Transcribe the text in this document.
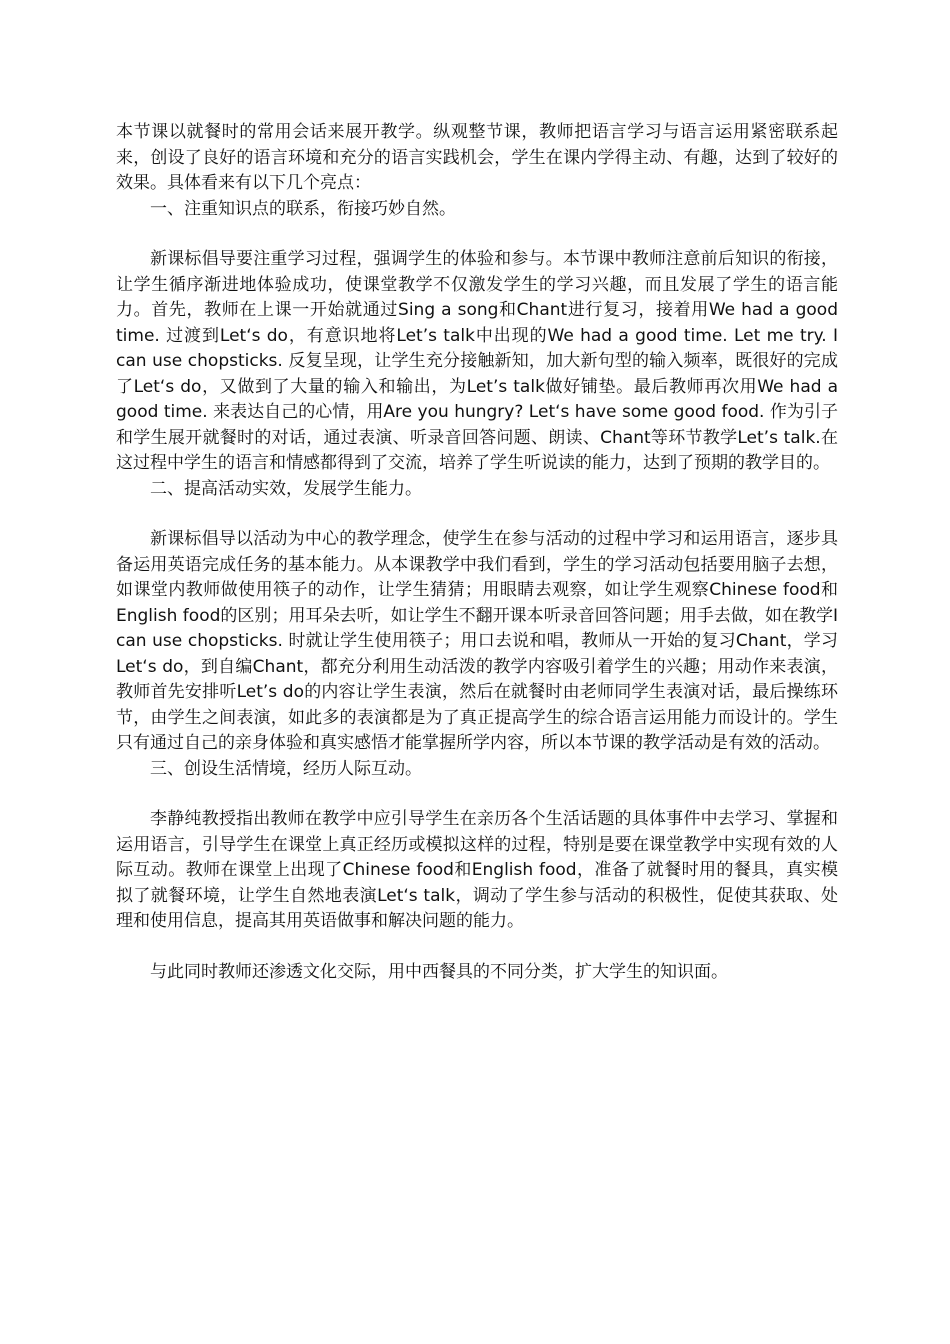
本节课以就餐时的常用会话来展开教学。纵观整节课，教师把语言学习与语言运用紧密联系起来，创设了良好的语言环境和充分的语言实践机会，学生在课内学得主动、有趣，达到了较好的效果。具体看来有以下几个亮点：

一、注重知识点的联系，衔接巧妙自然。

新课标倡导要注重学习过程，强调学生的体验和参与。本节课中教师注意前后知识的衔接，让学生循序渐进地体验成功，使课堂教学不仅激发学生的学习兴趣，而且发展了学生的语言能力。首先，教师在上课一开始就通过Sing a song和Chant进行复习，接着用We had a good time. 过渡到Let‘s do，有意识地将Let’s talk中出现的We had a good time. Let me try. I can use chopsticks. 反复呈现，让学生充分接触新知，加大新句型的输入频率，既很好的完成了Let‘s do，又做到了大量的输入和输出，为Let’s talk做好铺垫。最后教师再次用We had a good time. 来表达自己的心情，用Are you hungry? Let‘s have some good food. 作为引子和学生展开就餐时的对话，通过表演、听录音回答问题、朗读、Chant等环节教学Let’s talk.在这过程中学生的语言和情感都得到了交流，培养了学生听说读的能力，达到了预期的教学目的。

二、提高活动实效，发展学生能力。

新课标倡导以活动为中心的教学理念，使学生在参与活动的过程中学习和运用语言，逐步具备运用英语完成任务的基本能力。从本课教学中我们看到，学生的学习活动包括要用脑子去想，如课堂内教师做使用筷子的动作，让学生猜猜；用眼睛去观察，如让学生观察Chinese food和English food的区别；用耳朵去听，如让学生不翻开课本听录音回答问题；用手去做，如在教学I can use chopsticks. 时就让学生使用筷子；用口去说和唱，教师从一开始的复习Chant，学习Let‘s do，到自编Chant，都充分利用生动活泼的教学内容吸引着学生的兴趣；用动作来表演，教师首先安排听Let’s do的内容让学生表演，然后在就餐时由老师同学生表演对话，最后操练环节，由学生之间表演，如此多的表演都是为了真正提高学生的综合语言运用能力而设计的。学生只有通过自己的亲身体验和真实感悟才能掌握所学内容，所以本节课的教学活动是有效的活动。

三、创设生活情境，经历人际互动。

李静纯教授指出教师在教学中应引导学生在亲历各个生活话题的具体事件中去学习、掌握和运用语言，引导学生在课堂上真正经历或模拟这样的过程，特别是要在课堂教学中实现有效的人际互动。教师在课堂上出现了Chinese food和English food，准备了就餐时用的餐具，真实模拟了就餐环境，让学生自然地表演Let‘s talk，调动了学生参与活动的积极性，促使其获取、处理和使用信息，提高其用英语做事和解决问题的能力。

与此同时教师还渗透文化交际，用中西餐具的不同分类，扩大学生的知识面。
